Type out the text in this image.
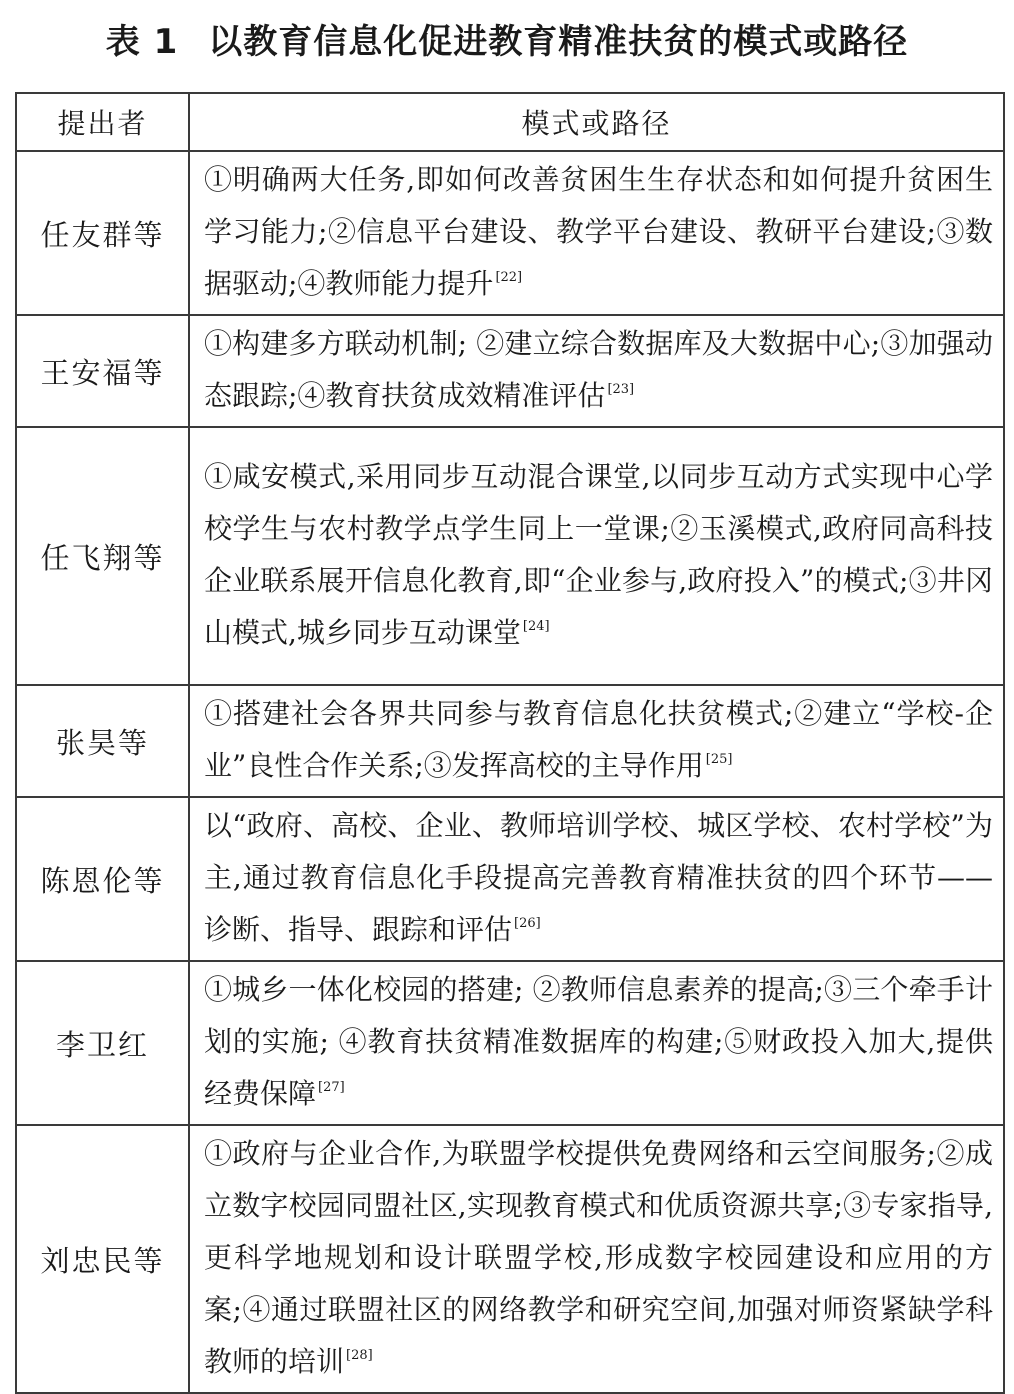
表 1 以教育信息化促进教育精准扶贫的模式或路径
提出者	模式或路径
任友群等	①明确两大任务,即如何改善贫困生生存状态和如何提升贫困生学习能力;②信息平台建设、教学平台建设、教研平台建设;③数据驱动;④教师能力提升 [22]
王安福等	①构建多方联动机制; ②建立综合数据库及大数据中心;③加强动态跟踪;④教育扶贫成效精准评估 [23]
任飞翔等	①咸安模式,采用同步互动混合课堂,以同步互动方式实现中心学校学生与农村教学点学生同上一堂课;②玉溪模式,政府同高科技企业联系展开信息化教育,即“企业参与,政府投入”的模式;③井冈山模式,城乡同步互动课堂 [24]
张昊等	①搭建社会各界共同参与教育信息化扶贫模式;②建立“学校-企业”良性合作关系;③发挥高校的主导作用 [25]
陈恩伦等	以“政府、高校、企业、教师培训学校、城区学校、农村学校”为主,通过教育信息化手段提高完善教育精准扶贫的四个环节——诊断、指导、跟踪和评估 [26]
李卫红	①城乡一体化校园的搭建; ②教师信息素养的提高;③三个牵手计划的实施; ④教育扶贫精准数据库的构建;⑤财政投入加大,提供经费保障 [27]
刘忠民等	①政府与企业合作,为联盟学校提供免费网络和云空间服务;②成立数字校园同盟社区,实现教育模式和优质资源共享;③专家指导,更科学地规划和设计联盟学校,形成数字校园建设和应用的方案;④通过联盟社区的网络教学和研究空间,加强对师资紧缺学科教师的培训 [28]
